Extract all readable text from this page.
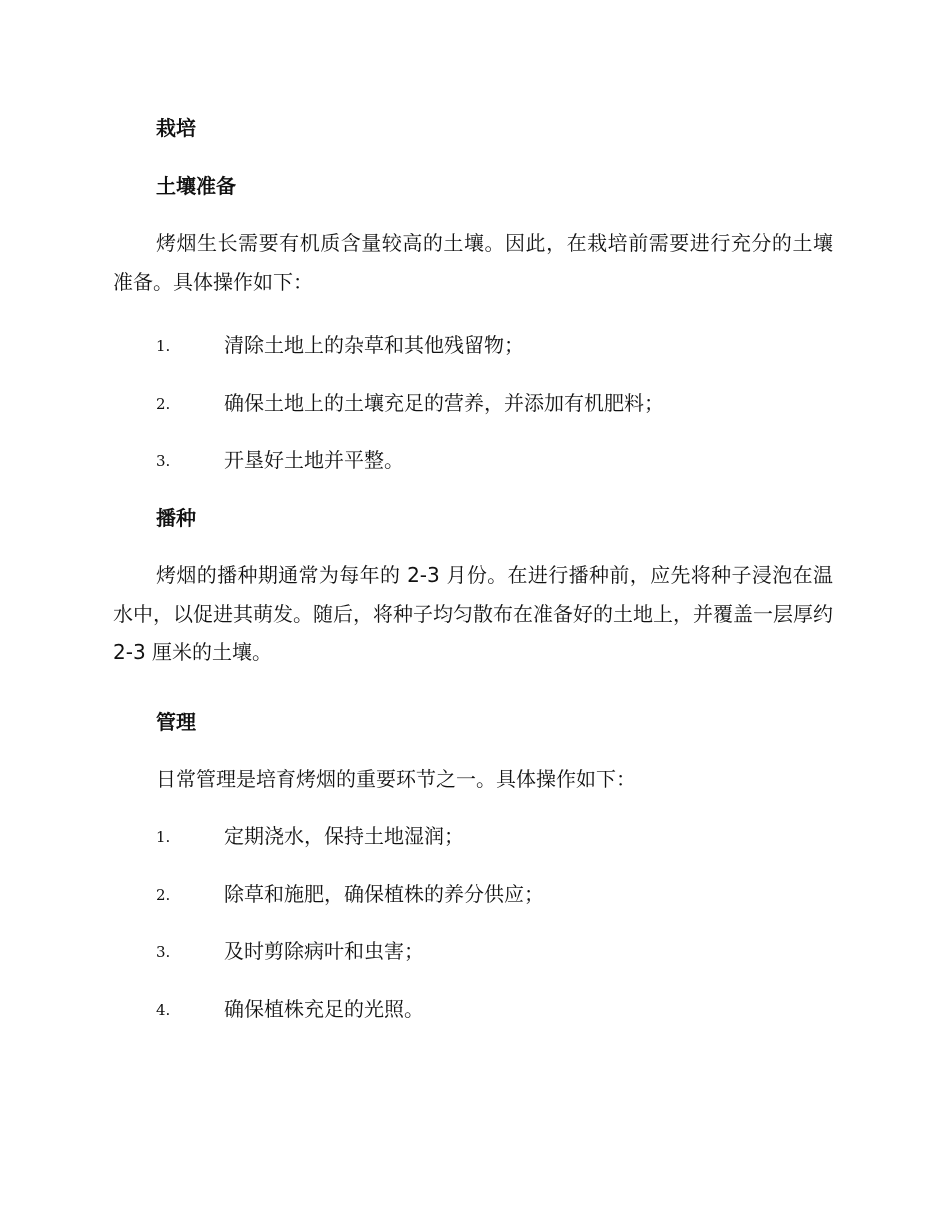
栽培
土壤准备
烤烟生长需要有机质含量较高的土壤。因此，在栽培前需要进行充分的土壤准备。具体操作如下：
1.	清除土地上的杂草和其他残留物；
2.	确保土地上的土壤充足的营养，并添加有机肥料；
3.	开垦好土地并平整。
播种
烤烟的播种期通常为每年的 2-3 月份。在进行播种前，应先将种子浸泡在温水中，以促进其萌发。随后，将种子均匀散布在准备好的土地上，并覆盖一层厚约 2-3 厘米的土壤。
管理
日常管理是培育烤烟的重要环节之一。具体操作如下：
1.	定期浇水，保持土地湿润；
2.	除草和施肥，确保植株的养分供应；
3.	及时剪除病叶和虫害；
4.	确保植株充足的光照。
